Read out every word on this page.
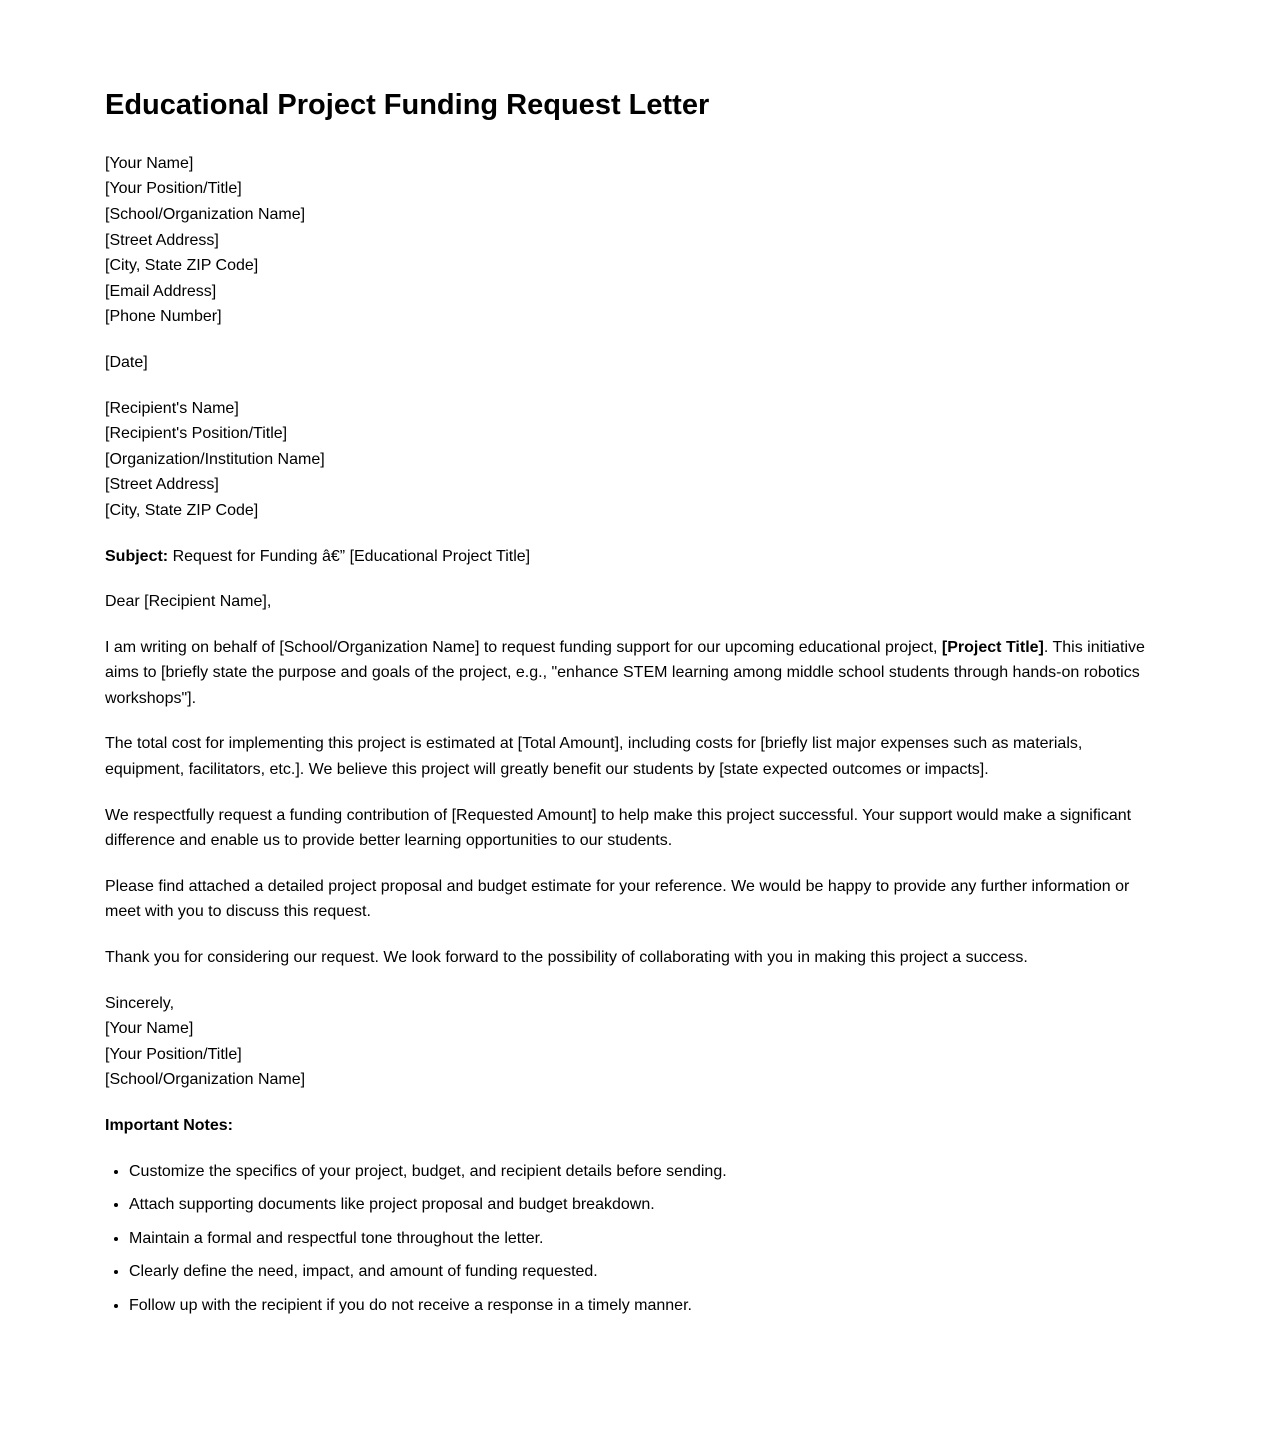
Educational Project Funding Request Letter
[Your Name]
[Your Position/Title]
[School/Organization Name]
[Street Address]
[City, State ZIP Code]
[Email Address]
[Phone Number]
[Date]
[Recipient's Name]
[Recipient's Position/Title]
[Organization/Institution Name]
[Street Address]
[City, State ZIP Code]
Subject: Request for Funding â€” [Educational Project Title]
Dear [Recipient Name],
I am writing on behalf of [School/Organization Name] to request funding support for our upcoming educational project, [Project Title]. This initiative aims to [briefly state the purpose and goals of the project, e.g., "enhance STEM learning among middle school students through hands-on robotics workshops"].
The total cost for implementing this project is estimated at [Total Amount], including costs for [briefly list major expenses such as materials, equipment, facilitators, etc.]. We believe this project will greatly benefit our students by [state expected outcomes or impacts].
We respectfully request a funding contribution of [Requested Amount] to help make this project successful. Your support would make a significant difference and enable us to provide better learning opportunities to our students.
Please find attached a detailed project proposal and budget estimate for your reference. We would be happy to provide any further information or meet with you to discuss this request.
Thank you for considering our request. We look forward to the possibility of collaborating with you in making this project a success.
Sincerely,
[Your Name]
[Your Position/Title]
[School/Organization Name]
Important Notes:
• Customize the specifics of your project, budget, and recipient details before sending.
• Attach supporting documents like project proposal and budget breakdown.
• Maintain a formal and respectful tone throughout the letter.
• Clearly define the need, impact, and amount of funding requested.
• Follow up with the recipient if you do not receive a response in a timely manner.
